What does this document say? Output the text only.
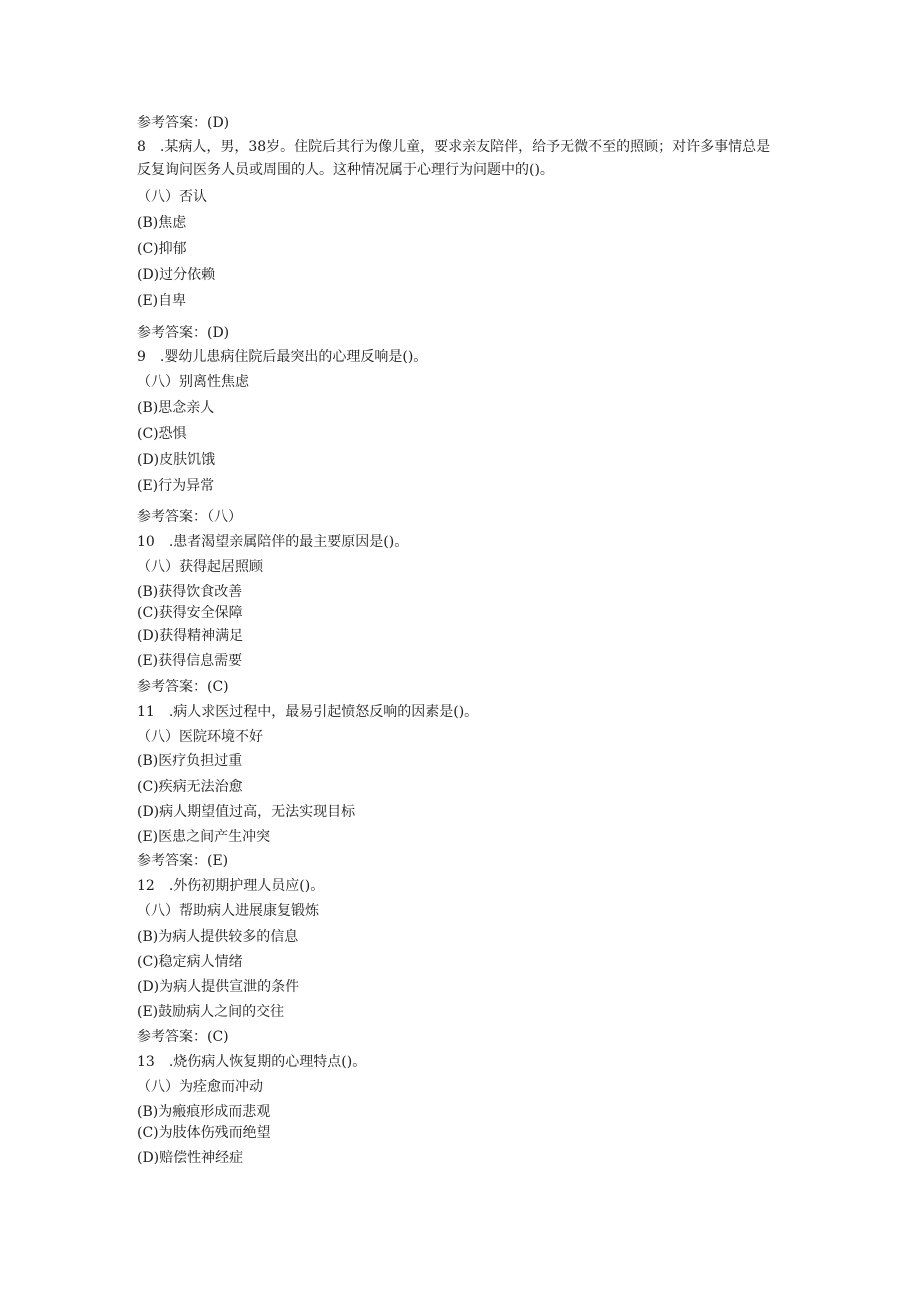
参考答案：(D)
8　.某病人，男，38岁。住院后其行为像儿童，要求亲友陪伴，给予无微不至的照顾；对许多事情总是反复询问医务人员或周围的人。这种情况属于心理行为问题中的()。
（八）否认
(B)焦虑
(C)抑郁
(D)过分依赖
(E)自卑
参考答案：(D)
9　.婴幼儿患病住院后最突出的心理反响是()。
（八）别离性焦虑
(B)思念亲人
(C)恐惧
(D)皮肤饥饿
(E)行为异常
参考答案：（八）
10　.患者渴望亲属陪伴的最主要原因是()。
（八）获得起居照顾
(B)获得饮食改善
(C)获得安全保障
(D)获得精神满足
(E)获得信息需要
参考答案：(C)
11　.病人求医过程中，最易引起愤怒反响的因素是()。
（八）医院环境不好
(B)医疗负担过重
(C)疾病无法治愈
(D)病人期望值过高，无法实现目标
(E)医患之间产生冲突
参考答案：(E)
12　.外伤初期护理人员应()。
（八）帮助病人进展康复锻炼
(B)为病人提供较多的信息
(C)稳定病人情绪
(D)为病人提供宣泄的条件
(E)鼓励病人之间的交往
参考答案：(C)
13　.烧伤病人恢复期的心理特点()。
（八）为痊愈而冲动
(B)为瘢痕形成而悲观
(C)为肢体伤残而绝望
(D)赔偿性神经症
